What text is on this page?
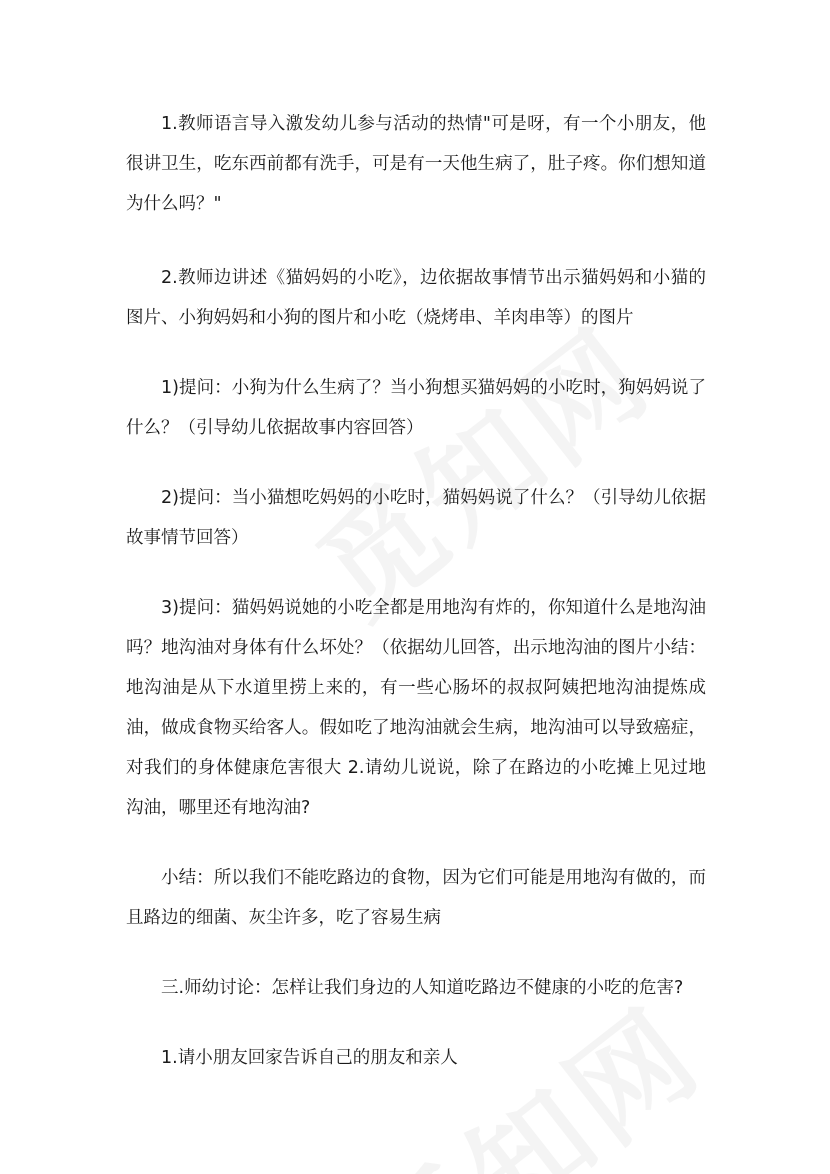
1.教师语言导入激发幼儿参与活动的热情"可是呀，有一个小朋友，他很讲卫生，吃东西前都有洗手，可是有一天他生病了，肚子疼。你们想知道为什么吗？"

2.教师边讲述《猫妈妈的小吃》，边依据故事情节出示猫妈妈和小猫的图片、小狗妈妈和小狗的图片和小吃（烧烤串、羊肉串等）的图片

1)提问：小狗为什么生病了？当小狗想买猫妈妈的小吃时，狗妈妈说了什么？（引导幼儿依据故事内容回答）

2)提问：当小猫想吃妈妈的小吃时，猫妈妈说了什么？（引导幼儿依据故事情节回答）

3)提问：猫妈妈说她的小吃全都是用地沟有炸的，你知道什么是地沟油吗？地沟油对身体有什么坏处？（依据幼儿回答，出示地沟油的图片小结：地沟油是从下水道里捞上来的，有一些心肠坏的叔叔阿姨把地沟油提炼成油，做成食物买给客人。假如吃了地沟油就会生病，地沟油可以导致癌症，对我们的身体健康危害很大 2.请幼儿说说，除了在路边的小吃摊上见过地沟油，哪里还有地沟油?

小结：所以我们不能吃路边的食物，因为它们可能是用地沟有做的，而且路边的细菌、灰尘许多，吃了容易生病

三.师幼讨论：怎样让我们身边的人知道吃路边不健康的小吃的危害?

1.请小朋友回家告诉自己的朋友和亲人
